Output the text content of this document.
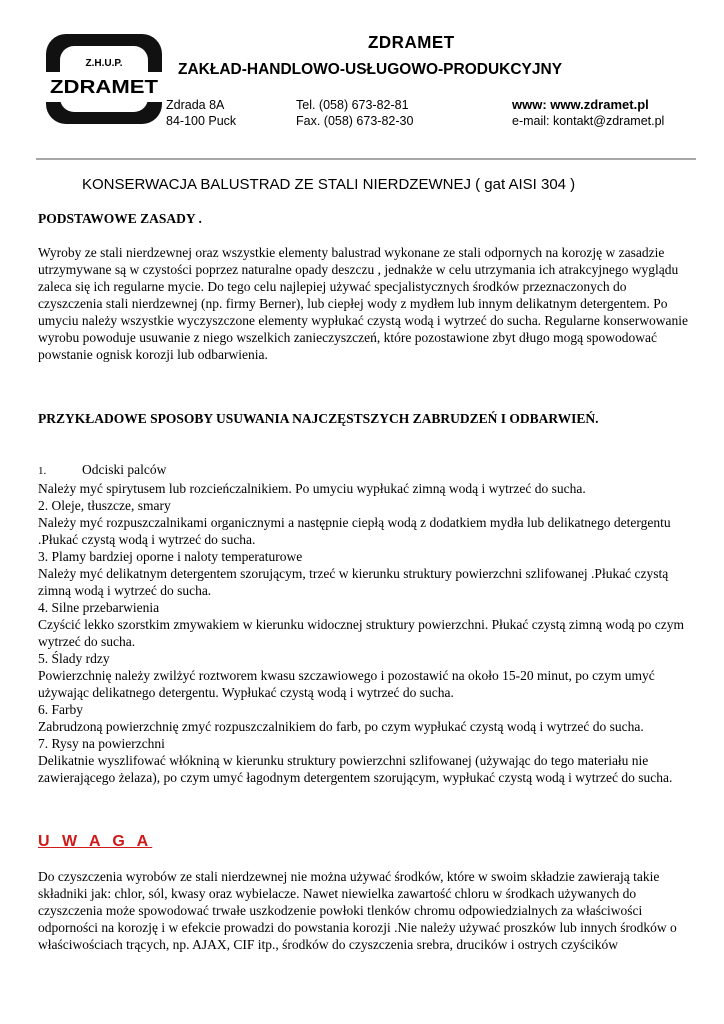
Z.H.U.P.
ZDRAMET
ZDRAMET
ZAKŁAD-HANDLOWO-USŁUGOWO-PRODUKCYJNY
Zdrada 8A
84-100 Puck
Tel. (058) 673-82-81
Fax. (058) 673-82-30
www: www.zdramet.pl
e-mail: kontakt@zdramet.pl
KONSERWACJA BALUSTRAD ZE STALI NIERDZEWNEJ ( gat AISI 304 )
PODSTAWOWE ZASADY .
Wyroby ze stali nierdzewnej oraz wszystkie elementy balustrad wykonane ze stali odpornych na korozję w zasadzie utrzymywane są w czystości poprzez naturalne opady deszczu , jednakże w celu utrzymania ich atrakcyjnego wyglądu zaleca się ich regularne mycie. Do tego celu najlepiej używać specjalistycznych środków przeznaczonych do czyszczenia stali nierdzewnej (np. firmy Berner), lub ciepłej wody z mydłem lub innym delikatnym detergentem. Po umyciu należy wszystkie wyczyszczone elementy wypłukać czystą wodą i wytrzeć do sucha. Regularne konserwowanie wyrobu powoduje usuwanie z niego wszelkich zanieczyszczeń, które pozostawione zbyt długo mogą spowodować powstanie ognisk korozji lub odbarwienia.
PRZYKŁADOWE SPOSOBY USUWANIA NAJCZĘSTSZYCH ZABRUDZEŃ I ODBARWIEŃ.
1.	Odciski palców
Należy myć spirytusem lub rozcieńczalnikiem. Po umyciu wypłukać zimną wodą i wytrzeć do sucha.
2. Oleje, tłuszcze, smary
Należy myć rozpuszczalnikami organicznymi a następnie ciepłą wodą z dodatkiem mydła lub delikatnego detergentu .Płukać czystą wodą i wytrzeć do sucha.
3. Plamy bardziej oporne i naloty temperaturowe
Należy myć delikatnym detergentem szorującym, trzeć w kierunku struktury powierzchni szlifowanej .Płukać czystą zimną wodą i wytrzeć do sucha.
4. Silne przebarwienia
Czyścić lekko szorstkim zmywakiem w kierunku widocznej struktury powierzchni. Płukać czystą zimną wodą po czym wytrzeć do sucha.
5. Ślady rdzy
Powierzchnię należy zwilżyć roztworem kwasu szczawiowego i pozostawić na około 15-20 minut, po czym umyć używając delikatnego detergentu. Wypłukać czystą wodą i wytrzeć do sucha.
6. Farby
Zabrudzoną powierzchnię zmyć rozpuszczalnikiem do farb, po czym wypłukać czystą wodą i wytrzeć do sucha.
7. Rysy na powierzchni
Delikatnie wyszlifować włókniną w kierunku struktury powierzchni szlifowanej (używając do tego materiału nie zawierającego żelaza), po czym umyć łagodnym detergentem szorującym, wypłukać czystą wodą i wytrzeć do sucha.
U W A G A
Do czyszczenia wyrobów ze stali nierdzewnej nie można używać środków, które w swoim składzie zawierają takie składniki jak: chlor, sól, kwasy oraz wybielacze. Nawet niewielka zawartość chloru w środkach używanych do czyszczenia może spowodować trwałe uszkodzenie powłoki tlenków chromu odpowiedzialnych za właściwości odporności na korozję i w efekcie prowadzi do powstania korozji .Nie należy używać proszków lub innych środków o właściwościach trących, np. AJAX, CIF itp., środków do czyszczenia srebra, drucików i ostrych czyścików
